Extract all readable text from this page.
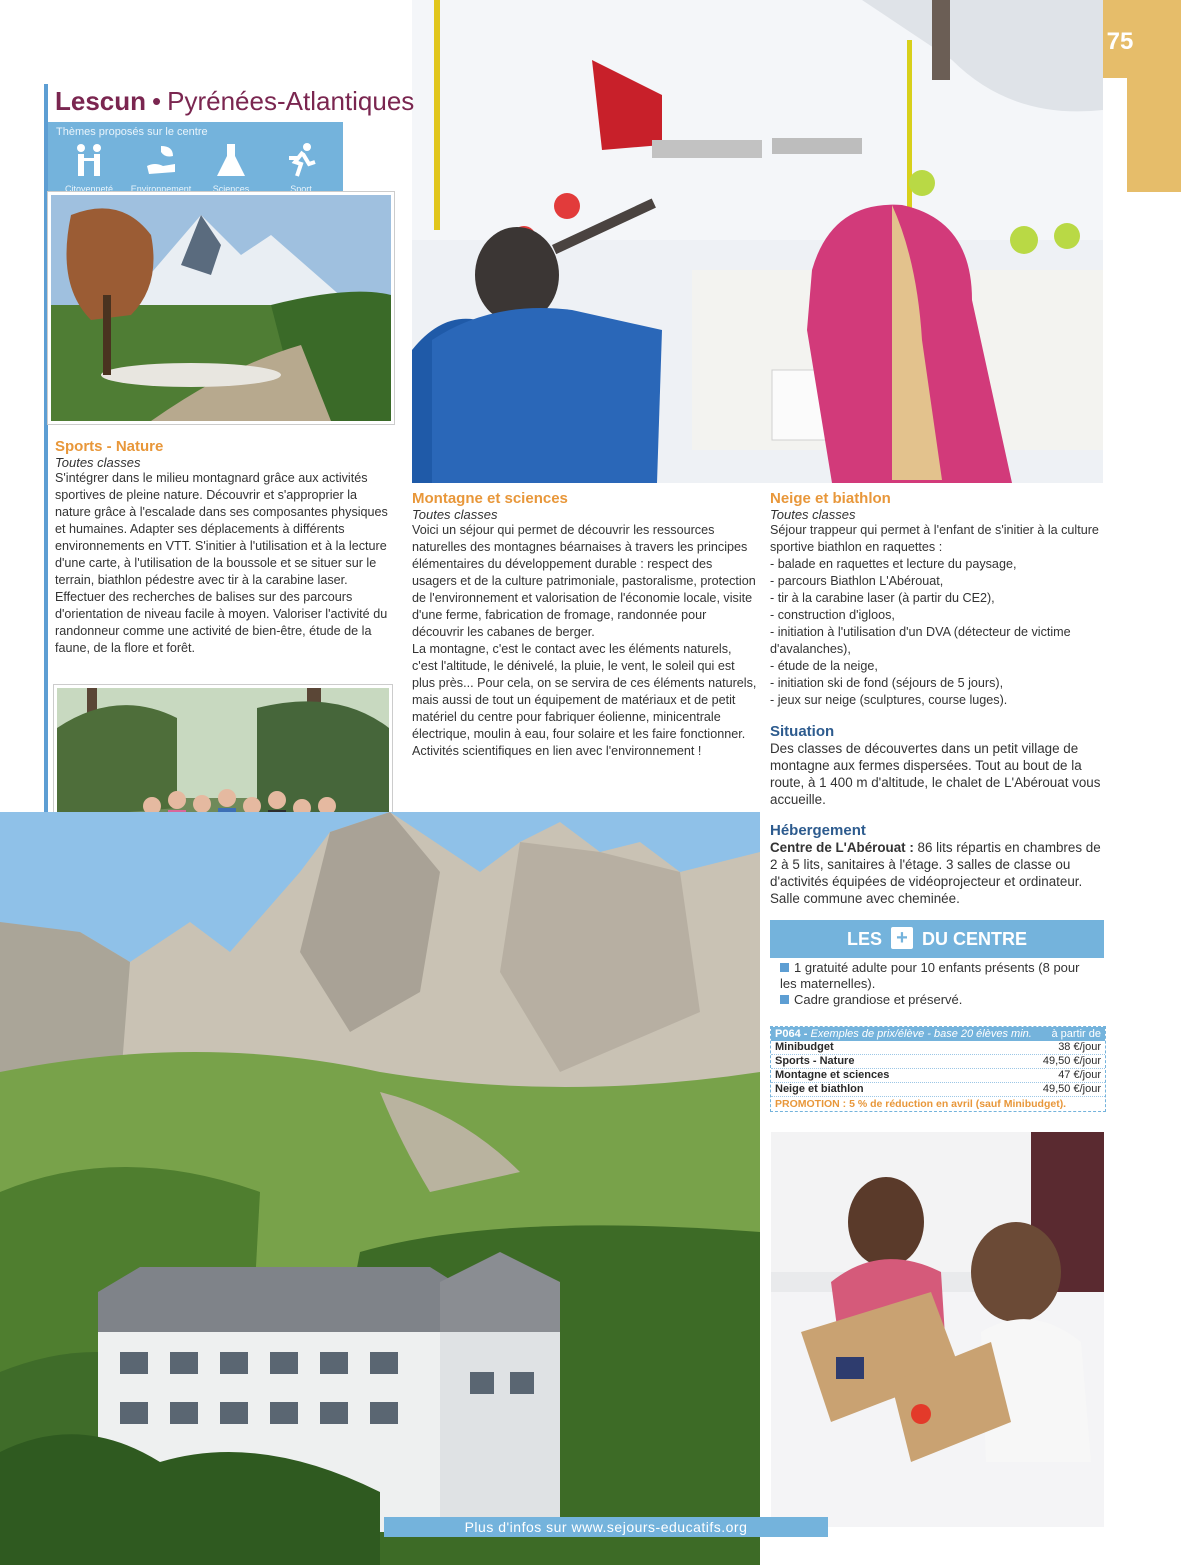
75
Lescun • Pyrénées-Atlantiques
Thèmes proposés sur le centre
Citoyenneté	Environnement	Sciences	Sport
Sports - Nature
Toutes classes
S'intégrer dans le milieu montagnard grâce aux activités sportives de pleine nature. Découvrir et s'approprier la nature grâce à l'escalade dans ses composantes physiques et humaines. Adapter ses déplacements à différents environnements en VTT. S'initier à l'utilisation et à la lecture d'une carte, à l'utilisation de la boussole et se situer sur le terrain, biathlon pédestre avec tir à la carabine laser. Effectuer des recherches de balises sur des parcours d'orientation de niveau facile à moyen. Valoriser l'activité du randonneur comme une activité de bien-être, étude de la faune, de la flore et forêt.
Montagne et sciences
Toutes classes
Voici un séjour qui permet de découvrir les ressources naturelles des montagnes béarnaises à travers les principes élémentaires du développement durable : respect des usagers et de la culture patrimoniale, pastoralisme, protection de l'environnement et valorisation de l'économie locale, visite d'une ferme, fabrication de fromage, randonnée pour découvrir les cabanes de berger.
La montagne, c'est le contact avec les éléments naturels, c'est l'altitude, le dénivelé, la pluie, le vent, le soleil qui est plus près... Pour cela, on se servira de ces éléments naturels, mais aussi de tout un équipement de matériaux et de petit matériel du centre pour fabriquer éolienne, minicentrale électrique, moulin à eau, four solaire et les faire fonctionner.
Activités scientifiques en lien avec l'environnement !
Neige et biathlon
Toutes classes
Séjour trappeur qui permet à l'enfant de s'initier à la culture sportive biathlon en raquettes :
- balade en raquettes et lecture du paysage,
- parcours Biathlon L'Abérouat,
- tir à la carabine laser (à partir du CE2),
- construction d'igloos,
- initiation à l'utilisation d'un DVA (détecteur de victime d'avalanches),
- étude de la neige,
- initiation ski de fond (séjours de 5 jours),
- jeux sur neige (sculptures, course luges).
Situation
Des classes de découvertes dans un petit village de montagne aux fermes dispersées. Tout au bout de la route, à 1 400 m d'altitude, le chalet de L'Abérouat vous accueille.
Hébergement
Centre de L'Abérouat : 86 lits répartis en chambres de 2 à 5 lits, sanitaires à l'étage. 3 salles de classe ou d'activités équipées de vidéoprojecteur et ordinateur. Salle commune avec cheminée.
LES + DU CENTRE
1 gratuité adulte pour 10 enfants présents (8 pour les maternelles).
Cadre grandiose et préservé.
P064 - Exemples de prix/élève - base 20 élèves min. à partir de
Minibudget	38 €/jour
Sports - Nature	49,50 €/jour
Montagne et sciences	47 €/jour
Neige et biathlon	49,50 €/jour
PROMOTION : 5 % de réduction en avril (sauf Minibudget).
Plus d'infos sur www.sejours-educatifs.org
